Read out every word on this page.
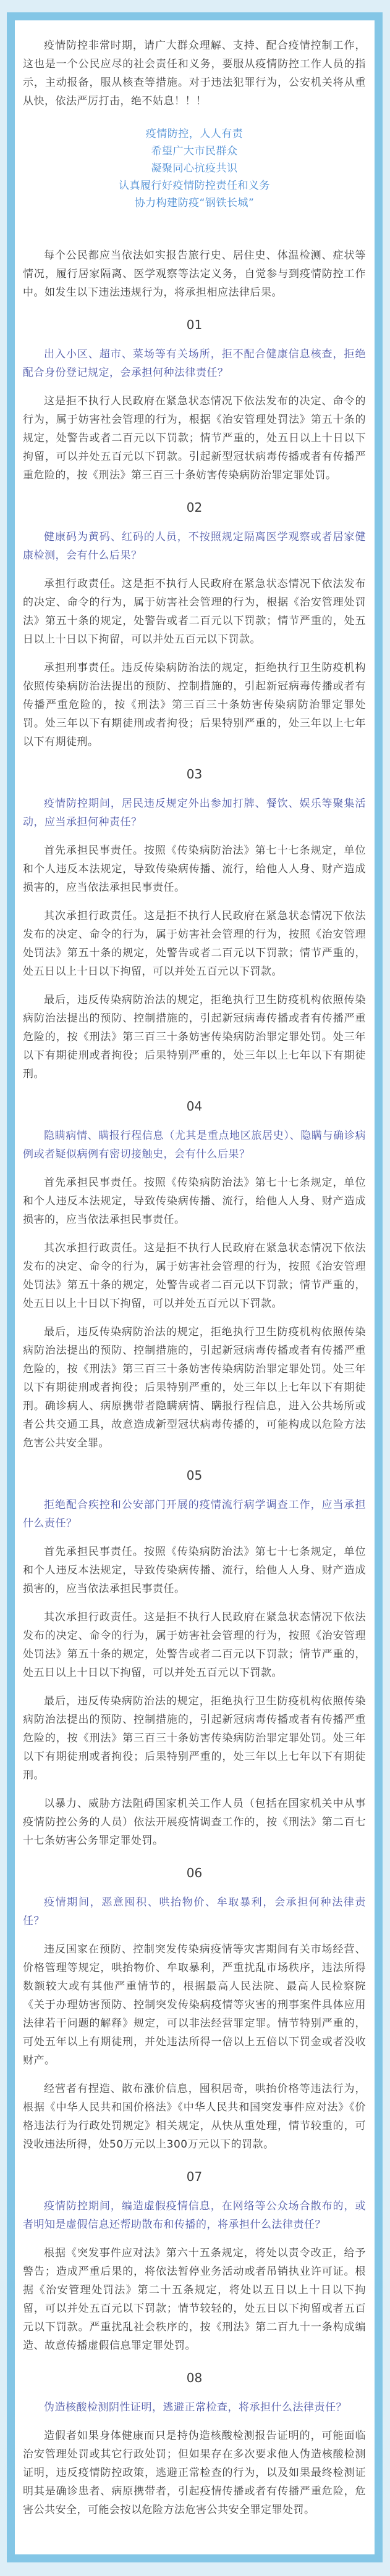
疫情防控非常时期，请广大群众理解、支持、配合疫情控制工作，这也是一个公民应尽的社会责任和义务，要服从疫情防控工作人员的指示，主动报备，服从核查等措施。对于违法犯罪行为，公安机关将从重从快，依法严厉打击，绝不姑息！！！

疫情防控，人人有责
希望广大市民群众
凝聚同心抗疫共识
认真履行好疫情防控责任和义务
协力构建防疫“钢铁长城”

每个公民都应当依法如实报告旅行史、居住史、体温检测、症状等情况，履行居家隔离、医学观察等法定义务，自觉参与到疫情防控工作中。如发生以下违法违规行为，将承担相应法律后果。

01

出入小区、超市、菜场等有关场所，拒不配合健康信息核查，拒绝配合身份登记规定，会承担何种法律责任？

这是拒不执行人民政府在紧急状态情况下依法发布的决定、命令的行为，属于妨害社会管理的行为，根据《治安管理处罚法》第五十条的规定，处警告或者二百元以下罚款；情节严重的，处五日以上十日以下拘留，可以并处五百元以下罚款。引起新型冠状病毒传播或者有传播严重危险的，按《刑法》第三百三十条妨害传染病防治罪定罪处罚。

02

健康码为黄码、红码的人员，不按照规定隔离医学观察或者居家健康检测，会有什么后果？

承担行政责任。这是拒不执行人民政府在紧急状态情况下依法发布的决定、命令的行为，属于妨害社会管理的行为，根据《治安管理处罚法》第五十条的规定，处警告或者二百元以下罚款；情节严重的，处五日以上十日以下拘留，可以并处五百元以下罚款。

承担刑事责任。违反传染病防治法的规定，拒绝执行卫生防疫机构依照传染病防治法提出的预防、控制措施的，引起新冠病毒传播或者有传播严重危险的，按《刑法》第三百三十条妨害传染病防治罪定罪处罚。处三年以下有期徒刑或者拘役；后果特别严重的，处三年以上七年以下有期徒刑。

03

疫情防控期间，居民违反规定外出参加打牌、餐饮、娱乐等聚集活动，应当承担何种责任？

首先承担民事责任。按照《传染病防治法》第七十七条规定，单位和个人违反本法规定，导致传染病传播、流行，给他人人身、财产造成损害的，应当依法承担民事责任。

其次承担行政责任。这是拒不执行人民政府在紧急状态情况下依法发布的决定、命令的行为，属于妨害社会管理的行为，按照《治安管理处罚法》第五十条的规定，处警告或者二百元以下罚款；情节严重的，处五日以上十日以下拘留，可以并处五百元以下罚款。

最后，违反传染病防治法的规定，拒绝执行卫生防疫机构依照传染病防治法提出的预防、控制措施的，引起新冠病毒传播或者有传播严重危险的，按《刑法》第三百三十条妨害传染病防治罪定罪处罚。处三年以下有期徒刑或者拘役；后果特别严重的，处三年以上七年以下有期徒刑。

04

隐瞒病情、瞒报行程信息（尤其是重点地区旅居史）、隐瞒与确诊病例或者疑似病例有密切接触史，会有什么后果？

首先承担民事责任。按照《传染病防治法》第七十七条规定，单位和个人违反本法规定，导致传染病传播、流行，给他人人身、财产造成损害的，应当依法承担民事责任。

其次承担行政责任。这是拒不执行人民政府在紧急状态情况下依法发布的决定、命令的行为，属于妨害社会管理的行为，按照《治安管理处罚法》第五十条的规定，处警告或者二百元以下罚款；情节严重的，处五日以上十日以下拘留，可以并处五百元以下罚款。

最后，违反传染病防治法的规定，拒绝执行卫生防疫机构依照传染病防治法提出的预防、控制措施的，引起新冠病毒传播或者有传播严重危险的，按《刑法》第三百三十条妨害传染病防治罪定罪处罚。处三年以下有期徒刑或者拘役；后果特别严重的，处三年以上七年以下有期徒刑。确诊病人、病原携带者隐瞒病情、瞒报行程信息，进入公共场所或者公共交通工具，故意造成新型冠状病毒传播的，可能构成以危险方法危害公共安全罪。

05

拒绝配合疾控和公安部门开展的疫情流行病学调查工作，应当承担什么责任？

首先承担民事责任。按照《传染病防治法》第七十七条规定，单位和个人违反本法规定，导致传染病传播、流行，给他人人身、财产造成损害的，应当依法承担民事责任。

其次承担行政责任。这是拒不执行人民政府在紧急状态情况下依法发布的决定、命令的行为，属于妨害社会管理的行为，按照《治安管理处罚法》第五十条的规定，处警告或者二百元以下罚款；情节严重的，处五日以上十日以下拘留，可以并处五百元以下罚款。

最后，违反传染病防治法的规定，拒绝执行卫生防疫机构依照传染病防治法提出的预防、控制措施的，引起新冠病毒传播或者有传播严重危险的，按《刑法》第三百三十条妨害传染病防治罪定罪处罚。处三年以下有期徒刑或者拘役；后果特别严重的，处三年以上七年以下有期徒刑。

以暴力、威胁方法阻碍国家机关工作人员（包括在国家机关中从事疫情防控公务的人员）依法开展疫情调查工作的，按《刑法》第二百七十七条妨害公务罪定罪处罚。

06

疫情期间，恶意囤积、哄抬物价、牟取暴利，会承担何种法律责任？

违反国家在预防、控制突发传染病疫情等灾害期间有关市场经营、价格管理等规定，哄抬物价、牟取暴利，严重扰乱市场秩序，违法所得数额较大或有其他严重情节的，根据最高人民法院、最高人民检察院《关于办理妨害预防、控制突发传染病疫情等灾害的刑事案件具体应用法律若干问题的解释》规定，可以非法经营罪定罪。情节特别严重的，可处五年以上有期徒刑，并处违法所得一倍以上五倍以下罚金或者没收财产。

经营者有捏造、散布涨价信息，囤积居奇，哄抬价格等违法行为，根据《中华人民共和国价格法》《中华人民共和国突发事件应对法》《价格违法行为行政处罚规定》相关规定，从快从重处理，情节较重的，可没收违法所得，处50万元以上300万元以下的罚款。

07

疫情防控期间，编造虚假疫情信息，在网络等公众场合散布的，或者明知是虚假信息还帮助散布和传播的，将承担什么法律责任？

根据《突发事件应对法》第六十五条规定，将处以责令改正，给予警告；造成严重后果的，将依法暂停业务活动或者吊销执业许可证。根据《治安管理处罚法》第二十五条规定，将处以五日以上十日以下拘留，可以并处五百元以下罚款；情节较轻的，处五日以下拘留或者五百元以下罚款。严重扰乱社会秩序的，按《刑法》第二百九十一条构成编造、故意传播虚假信息罪定罪处罚。

08

伪造核酸检测阴性证明，逃避正常检查，将承担什么法律责任？

造假者如果身体健康而只是持伪造核酸检测报告证明的，可能面临治安管理处罚或其它行政处罚；但如果存在多次要求他人伪造核酸检测证明，违反疫情防控政策，逃避正常检查的行为，以及如果最终检测证明其是确诊患者、病原携带者，引起疫情传播或者有传播严重危险，危害公共安全，可能会按以危险方法危害公共安全罪定罪处罚。
